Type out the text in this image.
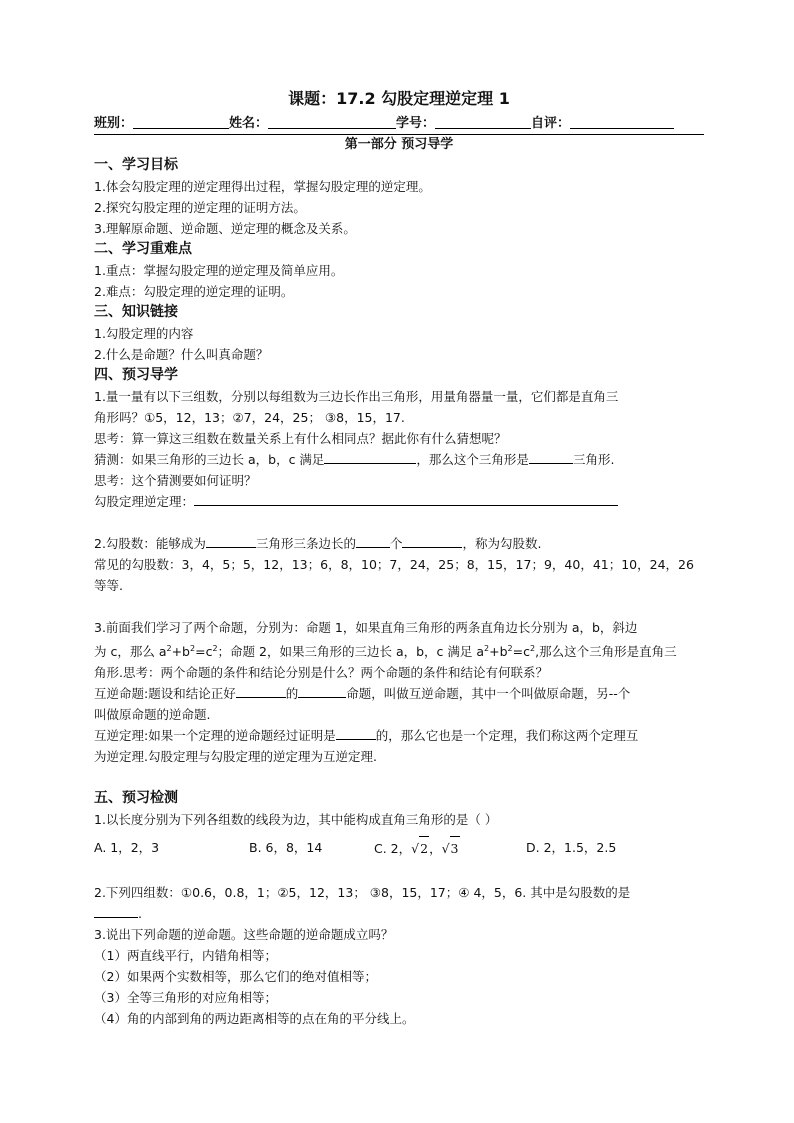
课题：17.2 勾股定理逆定理 1

班别：	姓名：	学号：	自评：

第一部分 预习导学

一、学习目标

1.体会勾股定理的逆定理得出过程，掌握勾股定理的逆定理。

2.探究勾股定理的逆定理的证明方法。

3.理解原命题、逆命题、逆定理的概念及关系。

二、学习重难点

1.重点：掌握勾股定理的逆定理及简单应用。

2.难点：勾股定理的逆定理的证明。

三、知识链接

1.勾股定理的内容

2.什么是命题？什么叫真命题？

四、预习导学

1.量一量有以下三组数，分别以每组数为三边长作出三角形，用量角器量一量，它们都是直角三

角形吗？①5，12，13；②7，24，25； ③8，15，17.

思考：算一算这三组数在数量关系上有什么相同点？据此你有什么猜想呢？

猜测：如果三角形的三边长 a，b，c 满足	，那么这个三角形是	三角形.

思考：这个猜测要如何证明？

勾股定理逆定理：

2.勾股数：能够成为	三角形三条边长的	个	，称为勾股数.

常见的勾股数：3，4，5；5，12，13；6，8，10；7，24，25；8，15，17；9，40，41；10，24，26

等等.

3.前面我们学习了两个命题，分别为：命题 1，如果直角三角形的两条直角边长分别为 a，b，斜边

为 c，那么 $a^2+b^2=c^2$；命题 2，如果三角形的三边长 a，b，c 满足 $a^2+b^2=c^2$,那么这个三角形是直角三

角形.思考：两个命题的条件和结论分别是什么？两个命题的条件和结论有何联系？

互逆命题:题设和结论正好	的	命题，叫做互逆命题，其中一个叫做原命题，另--个

叫做原命题的逆命题.

互逆定理:如果一个定理的逆命题经过证明是	的，那么它也是一个定理，我们称这两个定理互

为逆定理.勾股定理与勾股定理的逆定理为互逆定理.

五、预习检测

1.以长度分别为下列各组数的线段为边，其中能构成直角三角形的是（ ）

A. 1，2，3	B. 6，8，14	C. 2，√2，√3	D. 2，1.5，2.5

2.下列四组数：①0.6，0.8，1；②5，12，13； ③8，15，17；④ 4，5，6. 其中是勾股数的是

.

3.说出下列命题的逆命题。这些命题的逆命题成立吗？

（1）两直线平行，内错角相等；

（2）如果两个实数相等，那么它们的绝对值相等；

（3）全等三角形的对应角相等；

（4）角的内部到角的两边距离相等的点在角的平分线上。
